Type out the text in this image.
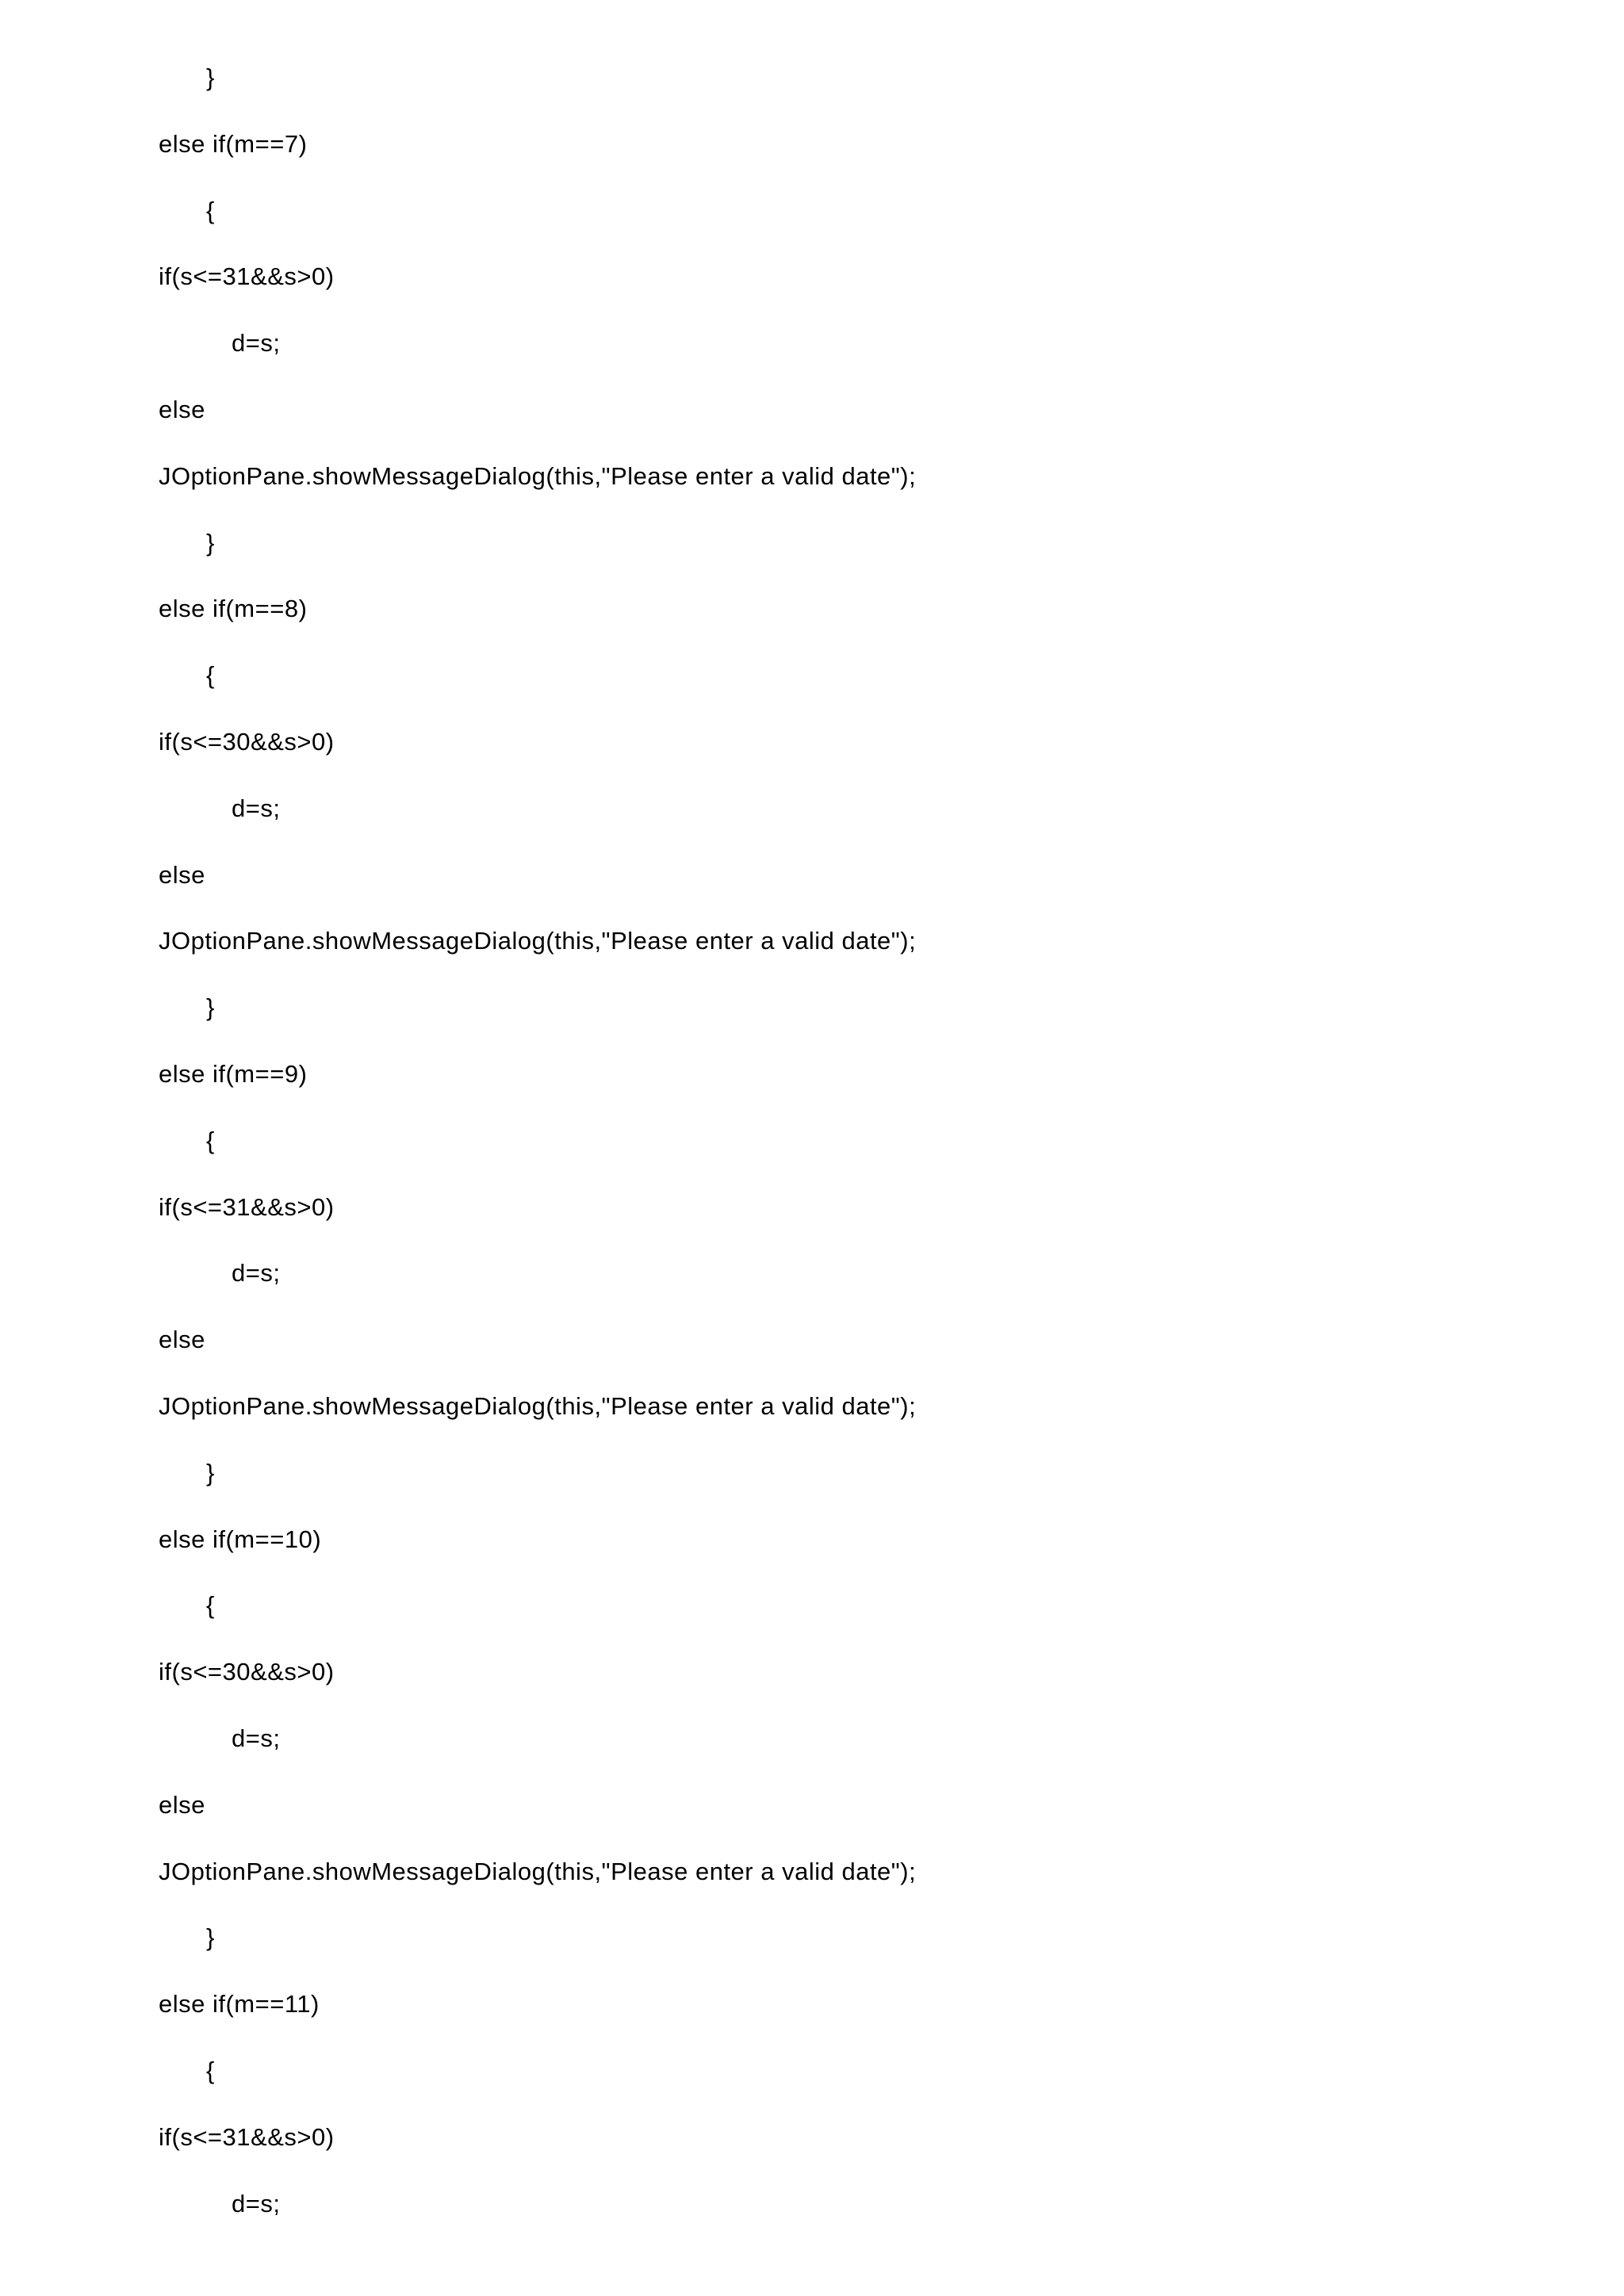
}
else if(m==7)
{
if(s<=31&&s>0)
d=s;
else
JOptionPane.showMessageDialog(this,"Please enter a valid date");
}
else if(m==8)
{
if(s<=30&&s>0)
d=s;
else
JOptionPane.showMessageDialog(this,"Please enter a valid date");
}
else if(m==9)
{
if(s<=31&&s>0)
d=s;
else
JOptionPane.showMessageDialog(this,"Please enter a valid date");
}
else if(m==10)
{
if(s<=30&&s>0)
d=s;
else
JOptionPane.showMessageDialog(this,"Please enter a valid date");
}
else if(m==11)
{
if(s<=31&&s>0)
d=s;
